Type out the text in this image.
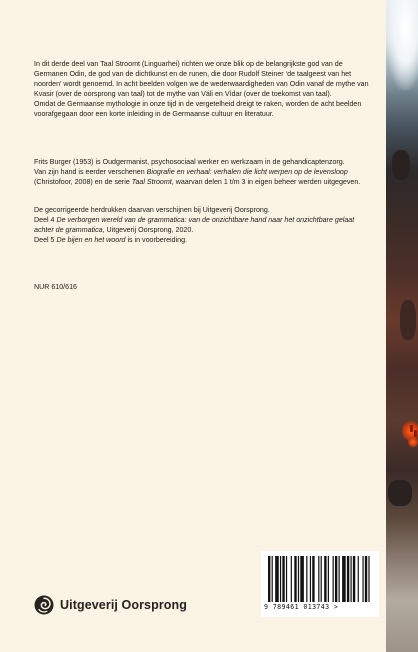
In dit derde deel van Taal Stroomt (Linguarhei) richten we onze blik op de belangrijkste god van de Germanen Odin, de god van de dichtkunst en de runen, die door Rudolf Steiner ‘de taalgeest van het noorden’ wordt genoemd. In acht beelden volgen we de wederwaardigheden van Odin vanaf de mythe van Kvasir (over de oorsprong van taal) tot de mythe van Váli en Vídar (over de toekomst van taal).

Omdat de Germaanse mythologie in onze tijd in de vergetelheid dreigt te raken, worden de acht beelden voorafgegaan door een korte inleiding in de Germaanse cultuur en literatuur.

Frits Burger (1953) is Oudgermanist, psychosociaal werker en werkzaam in de gehandicaptenzorg.

Van zijn hand is eerder verschenen Biografie en verhaal: verhalen die licht werpen op de levensloop (Christofoor, 2008) en de serie Taal Stroomt, waarvan delen 1 t/m 3 in eigen beheer werden uitgegeven.

De gecorrigeerde herdrukken daarvan verschijnen bij Uitgeverij Oorsprong.

Deel 4 De verborgen wereld van de grammatica: van de onzichtbare hand naar het onzichtbare gelaat achter de grammatica, Uitgeverij Oorsprong, 2020.

Deel 5 De bijen en het woord is in voorbereiding.

NUR 610/616
Uitgeverij Oorsprong	9 789461 013743 >
